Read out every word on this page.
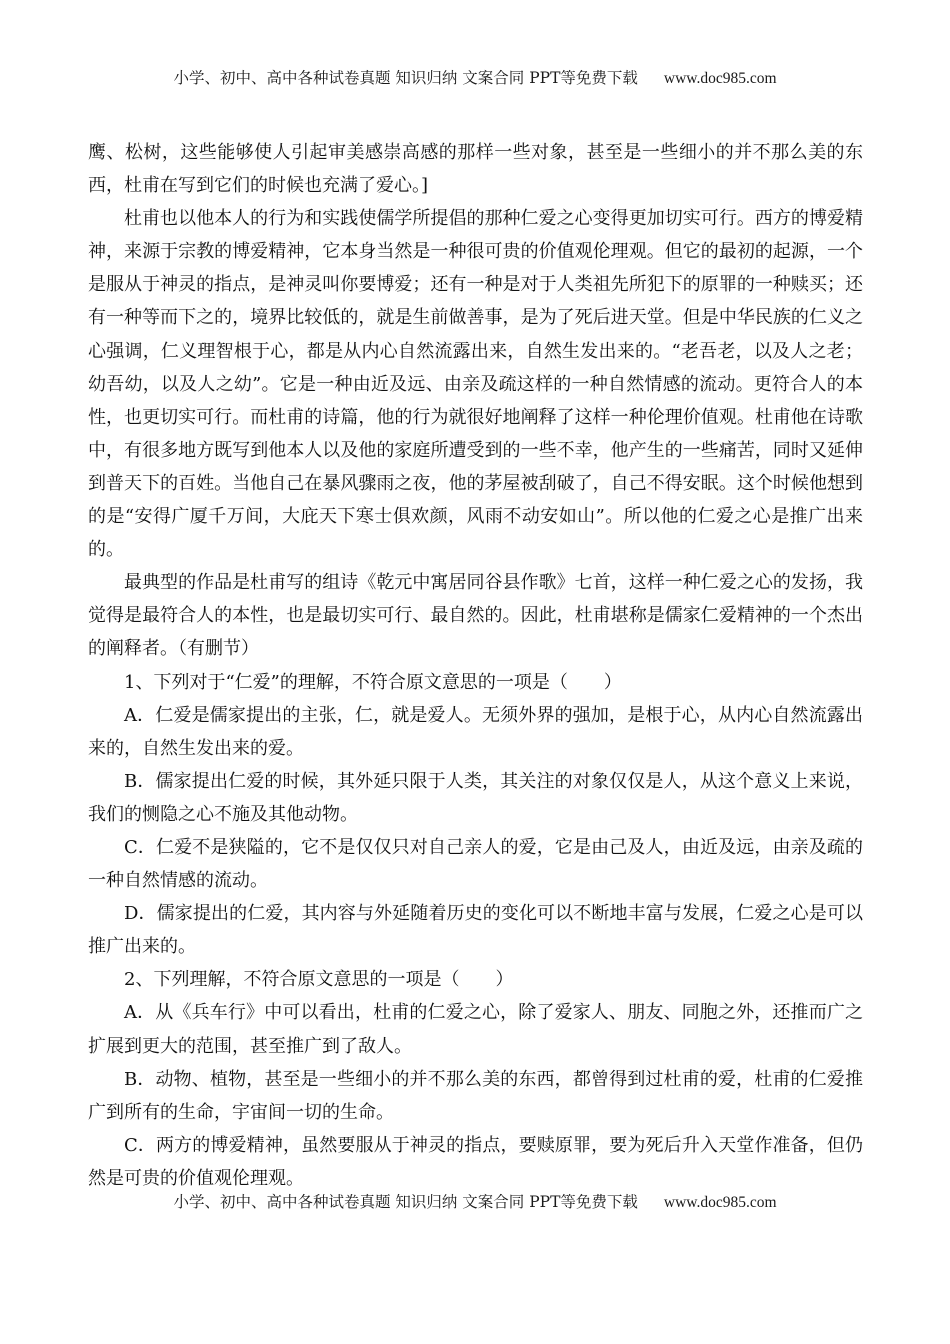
小学、初中、高中各种试卷真题 知识归纳 文案合同 PPT等免费下载 www.doc985.com

鹰、松树，这些能够使人引起审美感崇高感的那样一些对象，甚至是一些细小的并不那么美的东西，杜甫在写到它们的时候也充满了爱心。]

杜甫也以他本人的行为和实践使儒学所提倡的那种仁爱之心变得更加切实可行。西方的博爱精神，来源于宗教的博爱精神，它本身当然是一种很可贵的价值观伦理观。但它的最初的起源，一个是服从于神灵的指点，是神灵叫你要博爱；还有一种是对于人类祖先所犯下的原罪的一种赎买；还有一种等而下之的，境界比较低的，就是生前做善事，是为了死后进天堂。但是中华民族的仁义之心强调，仁义理智根于心，都是从内心自然流露出来，自然生发出来的。“老吾老，以及人之老；幼吾幼，以及人之幼”。它是一种由近及远、由亲及疏这样的一种自然情感的流动。更符合人的本性，也更切实可行。而杜甫的诗篇，他的行为就很好地阐释了这样一种伦理价值观。杜甫他在诗歌中，有很多地方既写到他本人以及他的家庭所遭受到的一些不幸，他产生的一些痛苦，同时又延伸到普天下的百姓。当他自己在暴风骤雨之夜，他的茅屋被刮破了，自己不得安眠。这个时候他想到的是“安得广厦千万间，大庇天下寒士俱欢颜，风雨不动安如山”。所以他的仁爱之心是推广出来的。

最典型的作品是杜甫写的组诗《乾元中寓居同谷县作歌》七首，这样一种仁爱之心的发扬，我觉得是最符合人的本性，也是最切实可行、最自然的。因此，杜甫堪称是儒家仁爱精神的一个杰出的阐释者。（有删节）

1、下列对于“仁爱”的理解，不符合原文意思的一项是（　　）

A．仁爱是儒家提出的主张，仁，就是爱人。无须外界的强加，是根于心，从内心自然流露出来的，自然生发出来的爱。

B．儒家提出仁爱的时候，其外延只限于人类，其关注的对象仅仅是人，从这个意义上来说，我们的恻隐之心不施及其他动物。

C．仁爱不是狭隘的，它不是仅仅只对自己亲人的爱，它是由己及人，由近及远，由亲及疏的一种自然情感的流动。

D．儒家提出的仁爱，其内容与外延随着历史的变化可以不断地丰富与发展，仁爱之心是可以推广出来的。

2、下列理解，不符合原文意思的一项是（　　）

A．从《兵车行》中可以看出，杜甫的仁爱之心，除了爱家人、朋友、同胞之外，还推而广之扩展到更大的范围，甚至推广到了敌人。

B．动物、植物，甚至是一些细小的并不那么美的东西，都曾得到过杜甫的爱，杜甫的仁爱推广到所有的生命，宇宙间一切的生命。

C．两方的博爱精神，虽然要服从于神灵的指点，要赎原罪，要为死后升入天堂作准备，但仍然是可贵的价值观伦理观。

小学、初中、高中各种试卷真题 知识归纳 文案合同 PPT等免费下载 www.doc985.com
